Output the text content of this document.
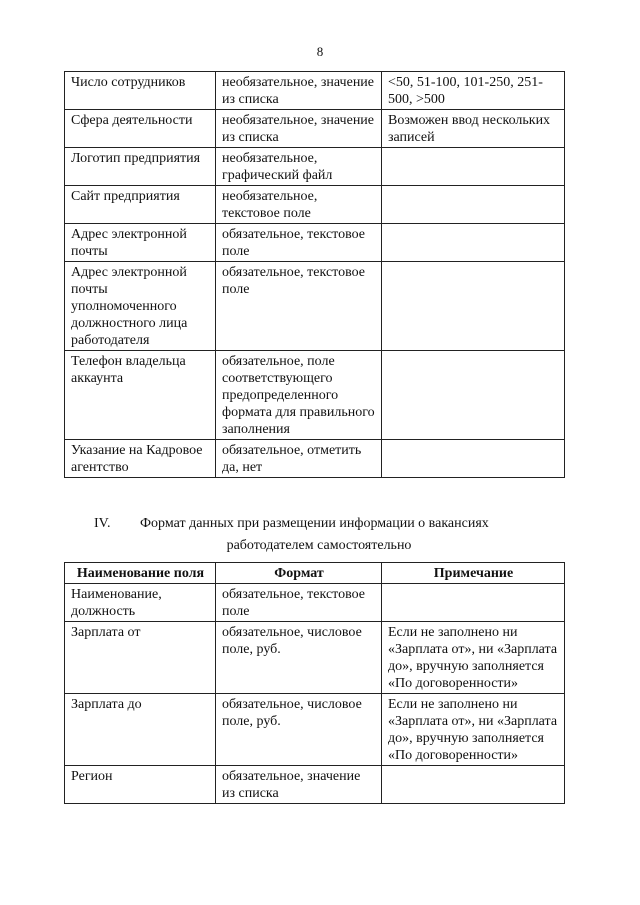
8
Число сотрудников	необязательное, значение из списка	<50, 51-100, 101-250, 251-500, >500
Сфера деятельности	необязательное, значение из списка	Возможен ввод нескольких записей
Логотип предприятия	необязательное, графический файл	
Сайт предприятия	необязательное, текстовое поле	
Адрес электронной почты	обязательное, текстовое поле	
Адрес электронной почты уполномоченного должностного лица работодателя	обязательное, текстовое поле	
Телефон владельца аккаунта	обязательное, поле соответствующего предопределенного формата для правильного заполнения	
Указание на Кадровое агентство	обязательное, отметить да, нет	
IV. Формат данных при размещении информации о вакансиях
работодателем самостоятельно
Наименование поля	Формат	Примечание
Наименование, должность	обязательное, текстовое поле	
Зарплата от	обязательное, числовое поле, руб.	Если не заполнено ни «Зарплата от», ни «Зарплата до», вручную заполняется «По договоренности»
Зарплата до	обязательное, числовое поле, руб.	Если не заполнено ни «Зарплата от», ни «Зарплата до», вручную заполняется «По договоренности»
Регион	обязательное, значение из списка	
